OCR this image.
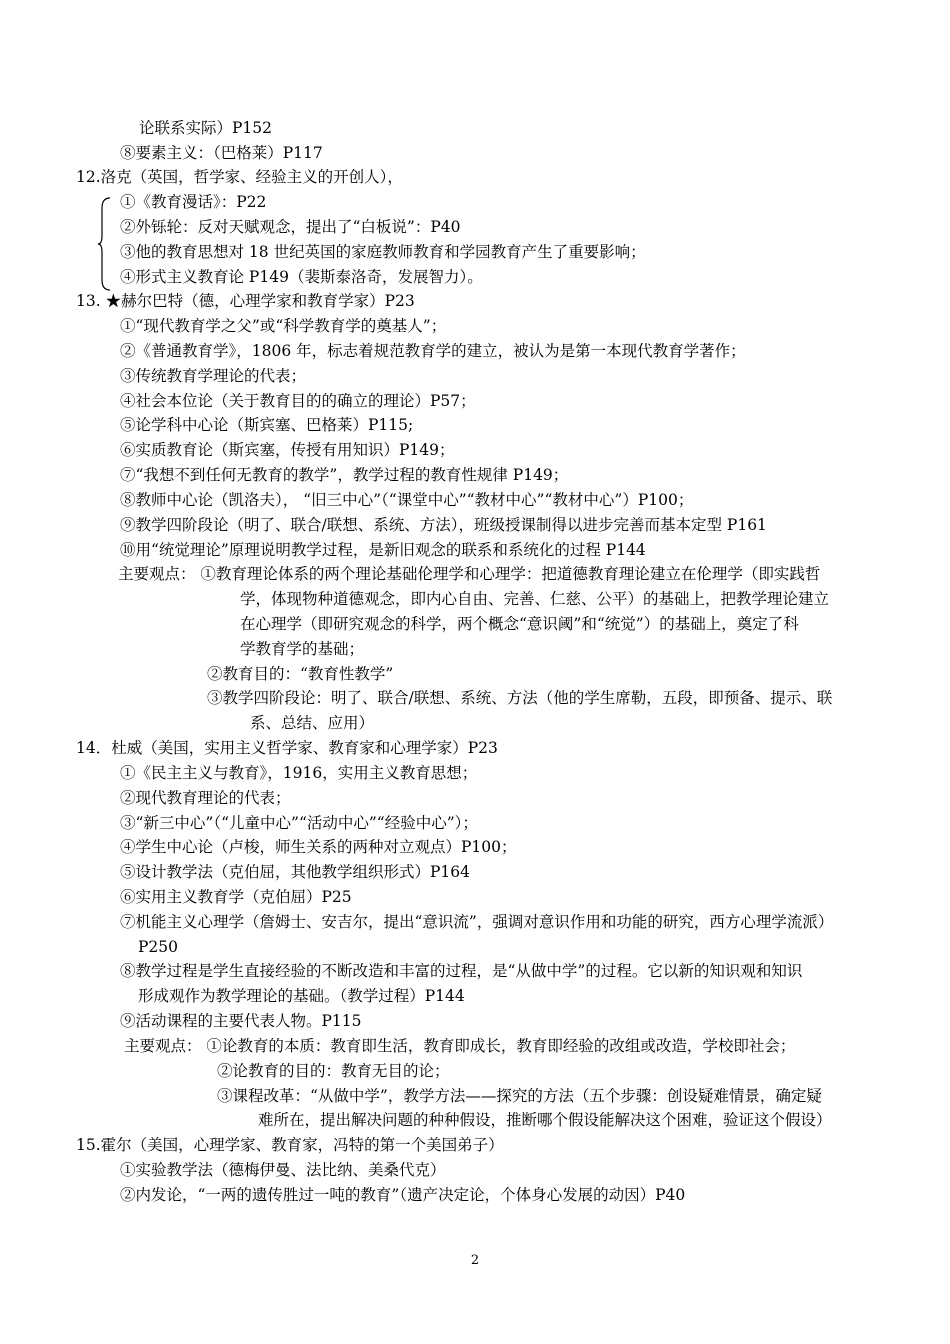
论联系实际）P152
⑧要素主义：（巴格莱）P117
12.洛克（英国，哲学家、经验主义的开创人），
①《教育漫话》：P22
②外铄轮：反对天赋观念，提出了“白板说”：P40
③他的教育思想对 18 世纪英国的家庭教师教育和学园教育产生了重要影响；
④形式主义教育论 P149（裴斯泰洛奇，发展智力）。
13. ★赫尔巴特（德，心理学家和教育学家）P23
①“现代教育学之父”或“科学教育学的奠基人”；
②《普通教育学》，1806 年，标志着规范教育学的建立，被认为是第一本现代教育学著作；
③传统教育学理论的代表；
④社会本位论（关于教育目的的确立的理论）P57；
⑤论学科中心论（斯宾塞、巴格莱）P115;
⑥实质教育论（斯宾塞，传授有用知识）P149；
⑦“我想不到任何无教育的教学”，教学过程的教育性规律 P149；
⑧教师中心论（凯洛夫）， “旧三中心”（“课堂中心”“教材中心”“教材中心”）P100；
⑨教学四阶段论（明了、联合/联想、系统、方法），班级授课制得以进步完善而基本定型 P161
⑩用“统觉理论”原理说明教学过程，是新旧观念的联系和系统化的过程 P144
主要观点： ①教育理论体系的两个理论基础伦理学和心理学：把道德教育理论建立在伦理学（即实践哲
学，体现物种道德观念，即内心自由、完善、仁慈、公平）的基础上，把教学理论建立
在心理学（即研究观念的科学，两个概念“意识阈”和“统觉”）的基础上，奠定了科
学教育学的基础；
②教育目的：“教育性教学”
③教学四阶段论：明了、联合/联想、系统、方法（他的学生席勒，五段，即预备、提示、联
系、总结、应用）
14．杜威（美国，实用主义哲学家、教育家和心理学家）P23
①《民主主义与教育》，1916，实用主义教育思想；
②现代教育理论的代表；
③“新三中心”（“儿童中心”“活动中心”“经验中心”）；
④学生中心论（卢梭，师生关系的两种对立观点）P100；
⑤设计教学法（克伯屈，其他教学组织形式）P164
⑥实用主义教育学（克伯屈）P25
⑦机能主义心理学（詹姆士、安吉尔，提出“意识流”，强调对意识作用和功能的研究，西方心理学流派）
P250
⑧教学过程是学生直接经验的不断改造和丰富的过程，是“从做中学”的过程。它以新的知识观和知识
形成观作为教学理论的基础。（教学过程）P144
⑨活动课程的主要代表人物。P115
主要观点： ①论教育的本质：教育即生活，教育即成长，教育即经验的改组或改造，学校即社会；
②论教育的目的：教育无目的论；
③课程改革：“从做中学”，教学方法——探究的方法（五个步骤：创设疑难情景，确定疑
难所在，提出解决问题的种种假设，推断哪个假设能解决这个困难，验证这个假设）
15.霍尔（美国，心理学家、教育家，冯特的第一个美国弟子）
①实验教学法（德梅伊曼、法比纳、美桑代克）
②内发论，“一两的遗传胜过一吨的教育”（遗产决定论，个体身心发展的动因）P40
2
